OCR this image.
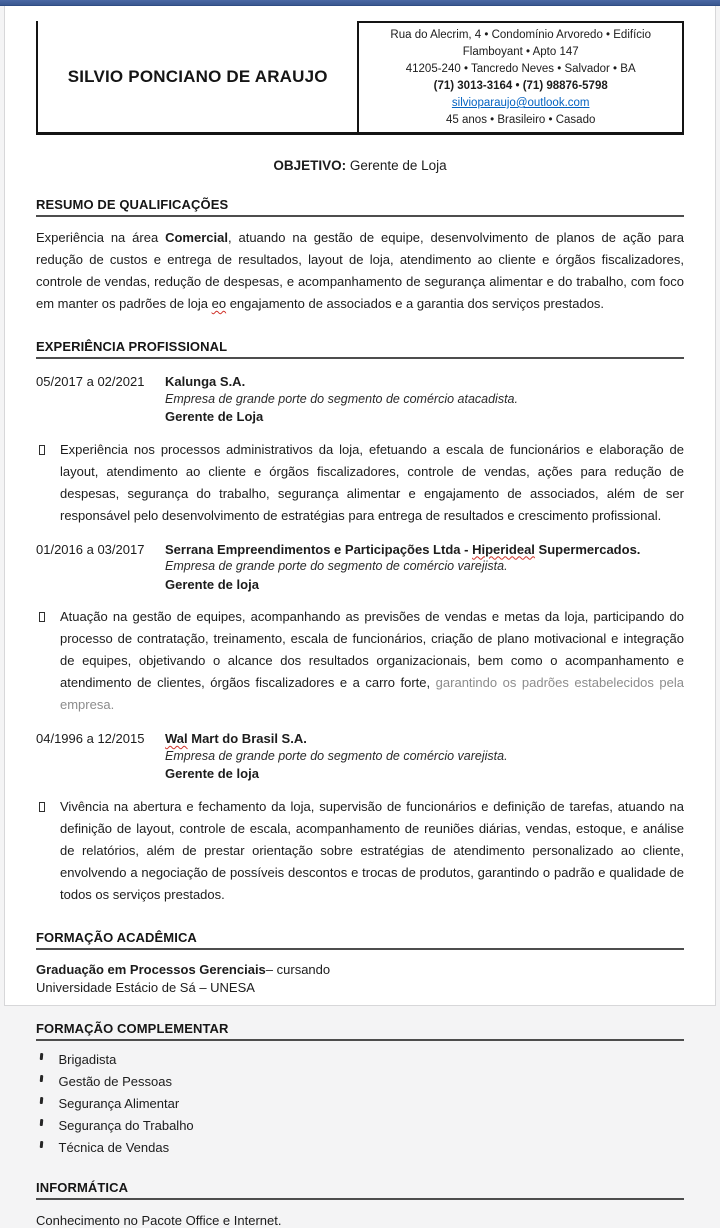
SILVIO PONCIANO DE ARAUJO
Rua do Alecrim, 4 • Condomínio Arvoredo • Edifício Flamboyant • Apto 147
41205-240 • Tancredo Neves • Salvador • BA
(71) 3013-3164 • (71) 98876-5798
silvioparaujo@outlook.com
45 anos • Brasileiro • Casado
OBJETIVO: Gerente de Loja
RESUMO DE QUALIFICAÇÕES
Experiência na área Comercial, atuando na gestão de equipe, desenvolvimento de planos de ação para redução de custos e entrega de resultados, layout de loja, atendimento ao cliente e órgãos fiscalizadores, controle de vendas, redução de despesas, e acompanhamento de segurança alimentar e do trabalho, com foco em manter os padrões de loja eo engajamento de associados e a garantia dos serviços prestados.
EXPERIÊNCIA PROFISSIONAL
05/2017 a 02/2021	Kalunga S.A.
Empresa de grande porte do segmento de comércio atacadista.
Gerente de Loja
Experiência nos processos administrativos da loja, efetuando a escala de funcionários e elaboração de layout, atendimento ao cliente e órgãos fiscalizadores, controle de vendas, ações para redução de despesas, segurança do trabalho, segurança alimentar e engajamento de associados, além de ser responsável pelo desenvolvimento de estratégias para entrega de resultados e crescimento profissional.
01/2016 a 03/2017	Serrana Empreendimentos e Participações Ltda - Hiperideal Supermercados.
Empresa de grande porte do segmento de comércio varejista.
Gerente de loja
Atuação na gestão de equipes, acompanhando as previsões de vendas e metas da loja, participando do processo de contratação, treinamento, escala de funcionários, criação de plano motivacional e integração de equipes, objetivando o alcance dos resultados organizacionais, bem como o acompanhamento e atendimento de clientes, órgãos fiscalizadores e a carro forte, garantindo os padrões estabelecidos pela empresa.
04/1996 a 12/2015	Wal Mart do Brasil S.A.
Empresa de grande porte do segmento de comércio varejista.
Gerente de loja
Vivência na abertura e fechamento da loja, supervisão de funcionários e definição de tarefas, atuando na definição de layout, controle de escala, acompanhamento de reuniões diárias, vendas, estoque, e análise de relatórios, além de prestar orientação sobre estratégias de atendimento personalizado ao cliente, envolvendo a negociação de possíveis descontos e trocas de produtos, garantindo o padrão e qualidade de todos os serviços prestados.
FORMAÇÃO ACADÊMICA
Graduação em Processos Gerenciais– cursando
Universidade Estácio de Sá – UNESA
FORMAÇÃO COMPLEMENTAR
Brigadista
Gestão de Pessoas
Segurança Alimentar
Segurança do Trabalho
Técnica de Vendas
INFORMÁTICA
Conhecimento no Pacote Office e Internet.
